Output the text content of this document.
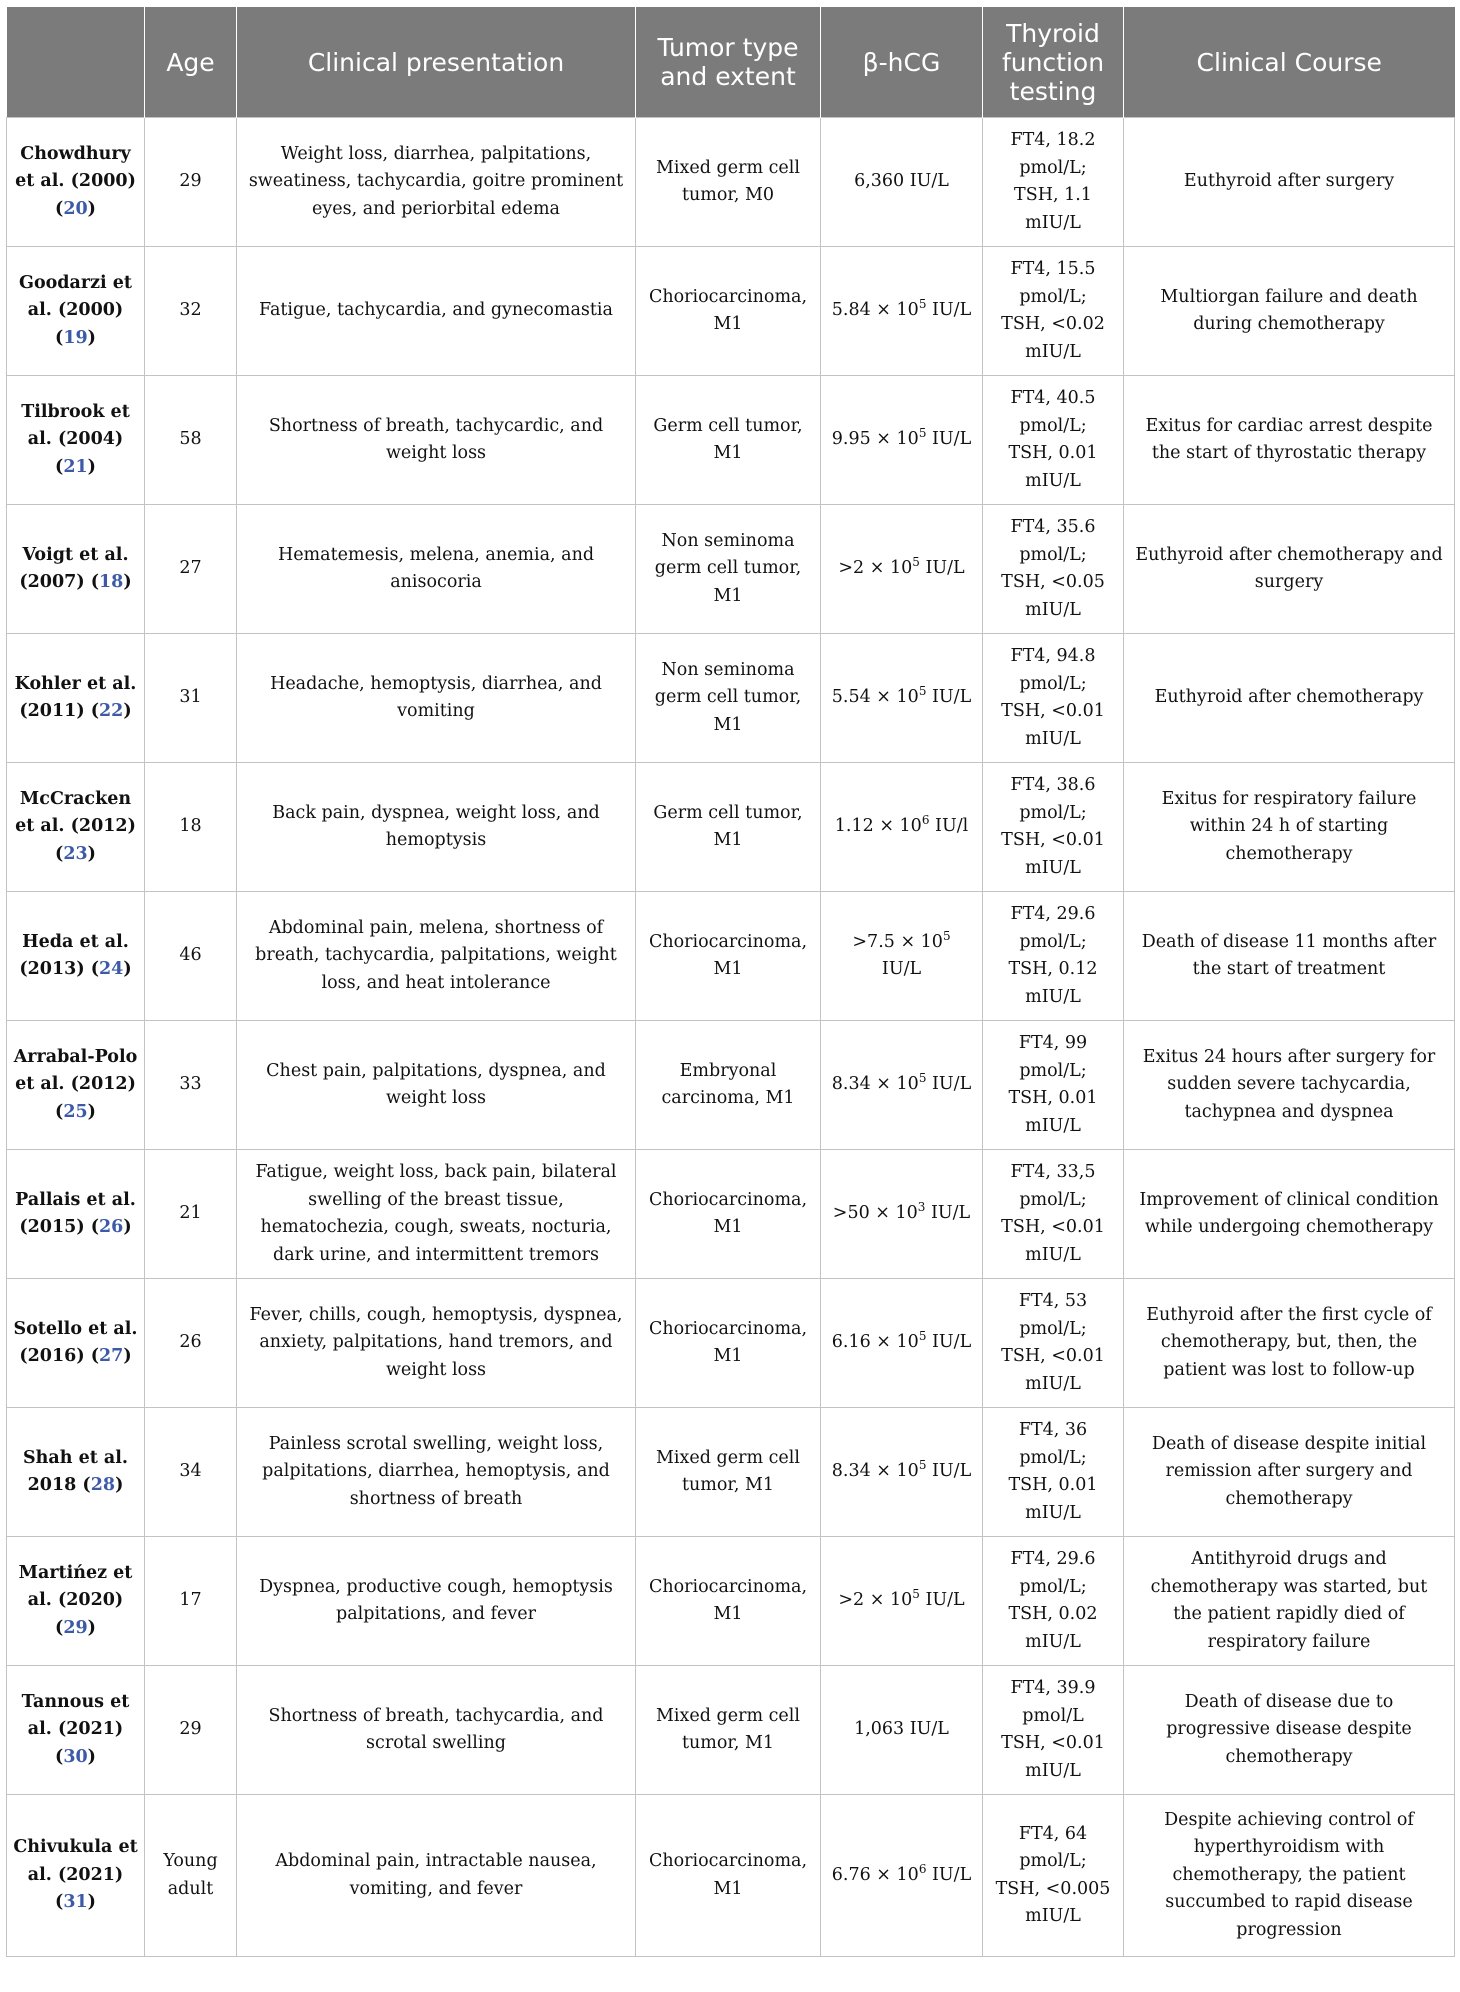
	Age	Clinical presentation	Tumor type and extent	β-hCG	Thyroid function testing	Clinical Course
Chowdhury et al. (2000) (20)	29	Weight loss, diarrhea, palpitations, sweatiness, tachycardia, goitre prominent eyes, and periorbital edema	Mixed germ cell tumor, M0	6,360 IU/L	FT4, 18.2
pmol/L;
TSH, 1.1
mIU/L	Euthyroid after surgery
Goodarzi et al. (2000) (19)	32	Fatigue, tachycardia, and gynecomastia	Choriocarcinoma, M1	$5.84 \times 10^5$ IU/L	FT4, 15.5
pmol/L;
TSH, <0.02
mIU/L	Multiorgan failure and death during chemotherapy
Tilbrook et al. (2004) (21)	58	Shortness of breath, tachycardic, and weight loss	Germ cell tumor, M1	$9.95 \times 10^5$ IU/L	FT4, 40.5
pmol/L;
TSH, 0.01
mIU/L	Exitus for cardiac arrest despite the start of thyrostatic therapy
Voigt et al. (2007) (18)	27	Hematemesis, melena, anemia, and anisocoria	Non seminoma germ cell tumor, M1	$>2 \times 10^5$ IU/L	FT4, 35.6
pmol/L;
TSH, <0.05
mIU/L	Euthyroid after chemotherapy and surgery
Kohler et al. (2011) (22)	31	Headache, hemoptysis, diarrhea, and vomiting	Non seminoma germ cell tumor, M1	$5.54 \times 10^5$ IU/L	FT4, 94.8
pmol/L;
TSH, <0.01
mIU/L	Euthyroid after chemotherapy
McCracken et al. (2012) (23)	18	Back pain, dyspnea, weight loss, and hemoptysis	Germ cell tumor, M1	$1.12 \times 10^6$ IU/l	FT4, 38.6
pmol/L;
TSH, <0.01
mIU/L	Exitus for respiratory failure within 24 h of starting chemotherapy
Heda et al. (2013) (24)	46	Abdominal pain, melena, shortness of breath, tachycardia, palpitations, weight loss, and heat intolerance	Choriocarcinoma, M1	$>7.5 \times 10^5$ IU/L	FT4, 29.6
pmol/L;
TSH, 0.12
mIU/L	Death of disease 11 months after the start of treatment
Arrabal-Polo et al. (2012) (25)	33	Chest pain, palpitations, dyspnea, and weight loss	Embryonal carcinoma, M1	$8.34 \times 10^5$ IU/L	FT4, 99
pmol/L;
TSH, 0.01
mIU/L	Exitus 24 hours after surgery for sudden severe tachycardia, tachypnea and dyspnea
Pallais et al. (2015) (26)	21	Fatigue, weight loss, back pain, bilateral swelling of the breast tissue, hematochezia, cough, sweats, nocturia, dark urine, and intermittent tremors	Choriocarcinoma, M1	$>50 \times 10^3$ IU/L	FT4, 33,5
pmol/L;
TSH, <0.01
mIU/L	Improvement of clinical condition while undergoing chemotherapy
Sotello et al. (2016) (27)	26	Fever, chills, cough, hemoptysis, dyspnea, anxiety, palpitations, hand tremors, and weight loss	Choriocarcinoma, M1	$6.16 \times 10^5$ IU/L	FT4, 53
pmol/L;
TSH, <0.01
mIU/L	Euthyroid after the first cycle of chemotherapy, but, then, the patient was lost to follow-up
Shah et al. 2018 (28)	34	Painless scrotal swelling, weight loss, palpitations, diarrhea, hemoptysis, and shortness of breath	Mixed germ cell tumor, M1	$8.34 \times 10^5$ IU/L	FT4, 36
pmol/L;
TSH, 0.01
mIU/L	Death of disease despite initial remission after surgery and chemotherapy
Martińez et al. (2020) (29)	17	Dyspnea, productive cough, hemoptysis palpitations, and fever	Choriocarcinoma, M1	$>2 \times 10^5$ IU/L	FT4, 29.6
pmol/L;
TSH, 0.02
mIU/L	Antithyroid drugs and chemotherapy was started, but the patient rapidly died of respiratory failure
Tannous et al. (2021) (30)	29	Shortness of breath, tachycardia, and scrotal swelling	Mixed germ cell tumor, M1	1,063 IU/L	FT4, 39.9
pmol/L
TSH, <0.01
mIU/L	Death of disease due to progressive disease despite chemotherapy
Chivukula et al. (2021) (31)	Young adult	Abdominal pain, intractable nausea, vomiting, and fever	Choriocarcinoma, M1	$6.76 \times 10^6$ IU/L	FT4, 64
pmol/L;
TSH, <0.005
mIU/L	Despite achieving control of hyperthyroidism with chemotherapy, the patient succumbed to rapid disease progression
